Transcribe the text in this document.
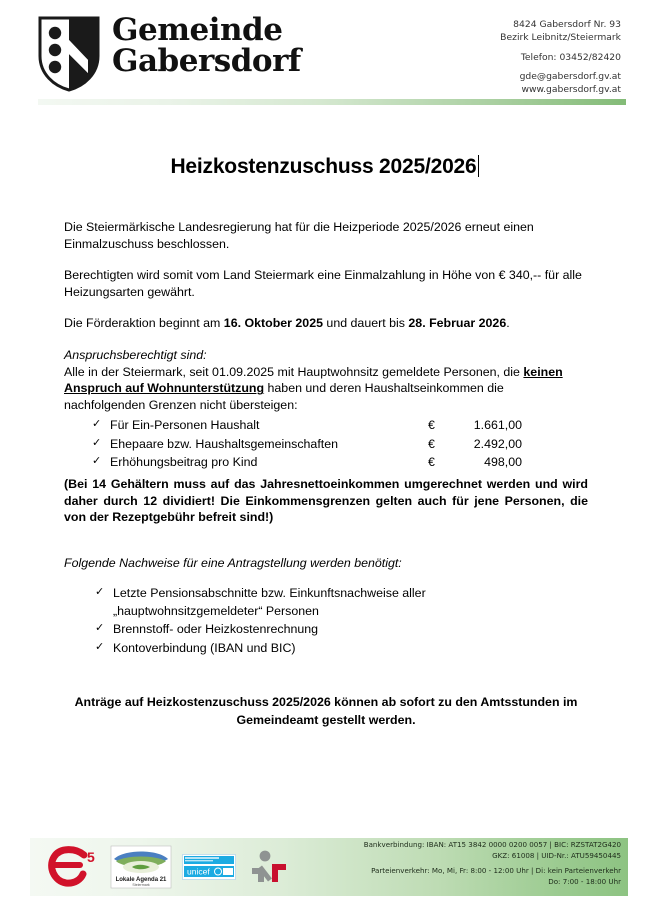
Gemeinde
Gabersdorf
8424 Gabersdorf Nr. 93
Bezirk Leibnitz/Steiermark
Telefon: 03452/82420
gde@gabersdorf.gv.at
www.gabersdorf.gv.at
Heizkostenzuschuss 2025/2026
Die Steiermärkische Landesregierung hat für die Heizperiode 2025/2026 erneut einen Einmalzuschuss beschlossen.
Berechtigten wird somit vom Land Steiermark eine Einmalzahlung in Höhe von € 340,-- für alle Heizungsarten gewährt.
Die Förderaktion beginnt am 16. Oktober 2025 und dauert bis 28. Februar 2026.
Anspruchsberechtigt sind:
Alle in der Steiermark, seit 01.09.2025 mit Hauptwohnsitz gemeldete Personen, die keinen Anspruch auf Wohnunterstützung haben und deren Haushaltseinkommen die nachfolgenden Grenzen nicht übersteigen:
✓ Für Ein-Personen Haushalt	€	1.661,00
✓ Ehepaare bzw. Haushaltsgemeinschaften	€	2.492,00
✓ Erhöhungsbeitrag pro Kind	€	498,00
(Bei 14 Gehältern muss auf das Jahresnettoeinkommen umgerechnet werden und wird daher durch 12 dividiert! Die Einkommensgrenzen gelten auch für jene Personen, die von der Rezeptgebühr befreit sind!)
Folgende Nachweise für eine Antragstellung werden benötigt:
✓ Letzte Pensionsabschnitte bzw. Einkunftsnachweise aller „hauptwohnsitzgemeldeter“ Personen
✓ Brennstoff- oder Heizkostenrechnung
✓ Kontoverbindung (IBAN und BIC)
Anträge auf Heizkostenzuschuss 2025/2026 können ab sofort zu den Amtsstunden im Gemeindeamt gestellt werden.
5
Lokale Agenda 21
Steiermark
unicef
Bankverbindung: IBAN: AT15 3842 0000 0200 0057 | BIC: RZSTAT2G420
GKZ: 61008 | UID-Nr.: ATU59450445
Parteienverkehr: Mo, Mi, Fr: 8:00 - 12:00 Uhr | Di: kein Parteienverkehr
Do: 7:00 - 18:00 Uhr
